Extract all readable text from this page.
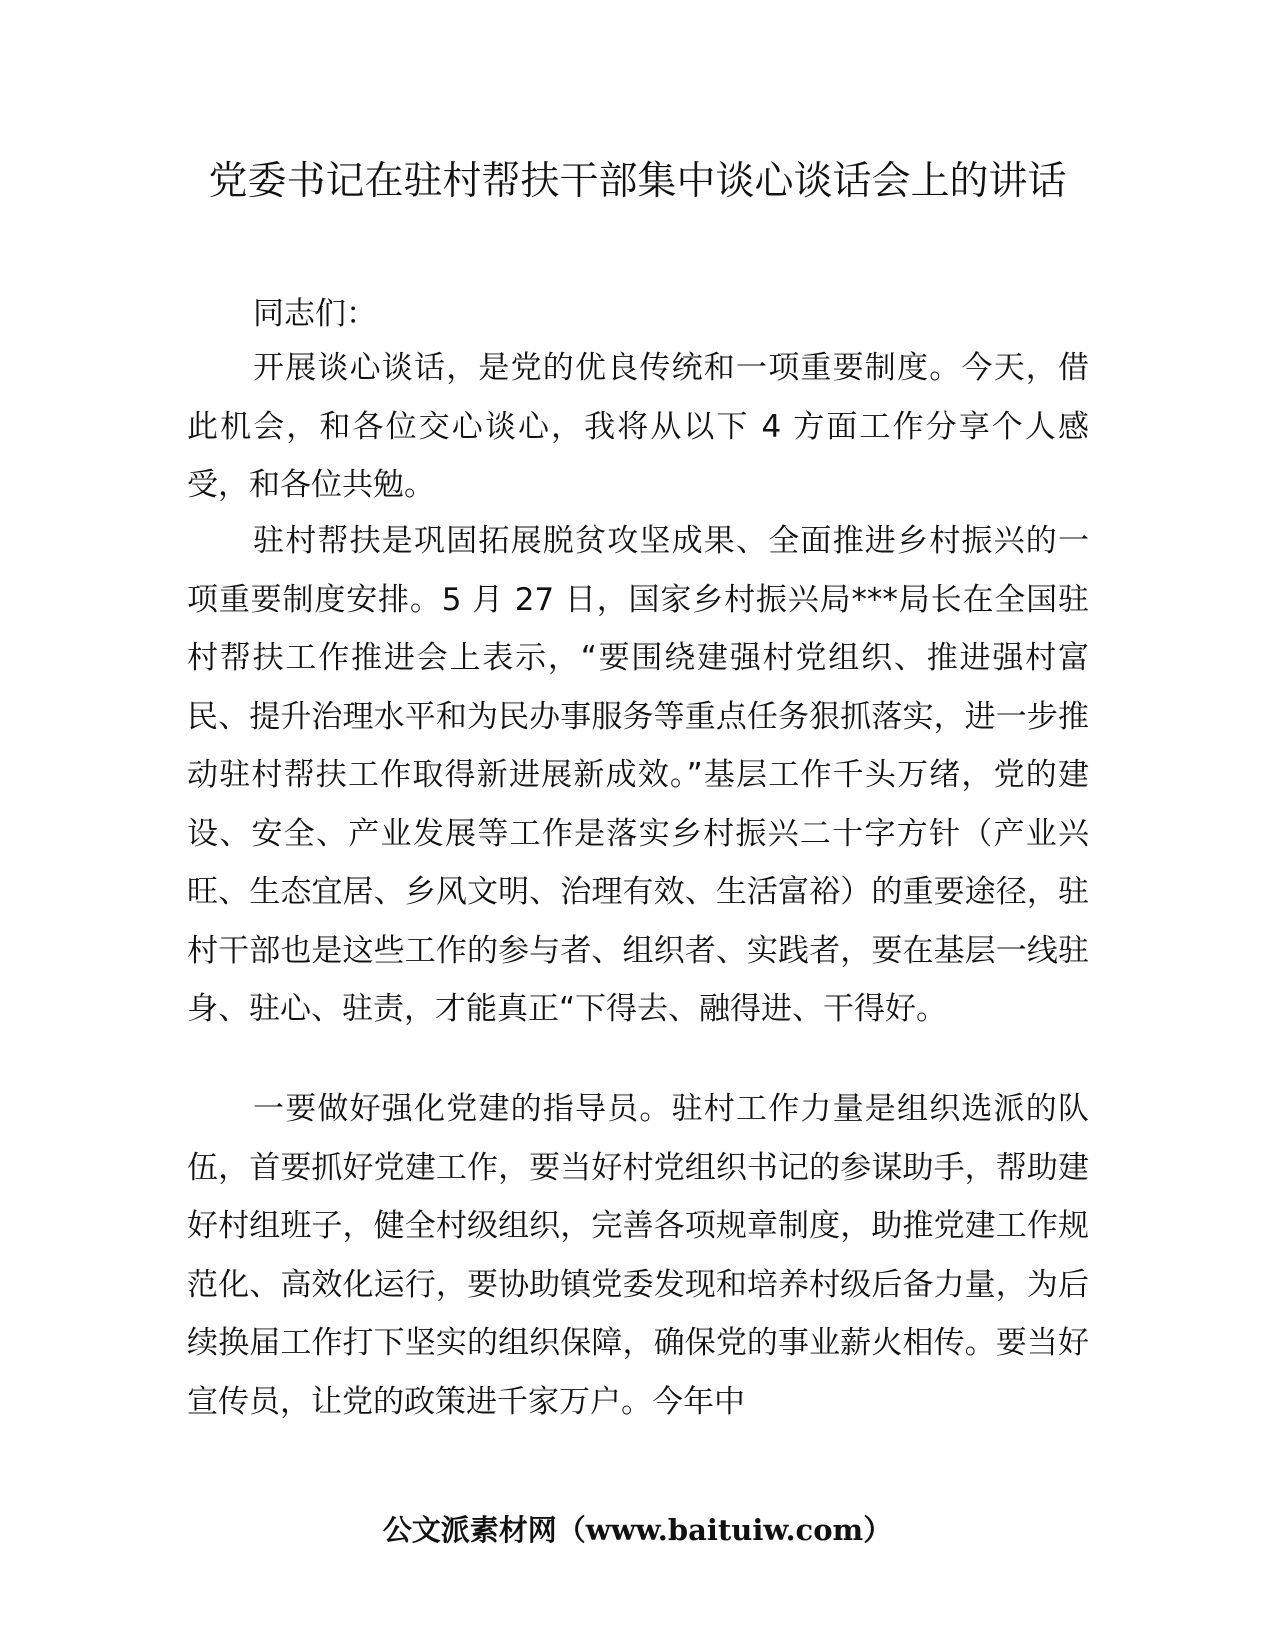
党委书记在驻村帮扶干部集中谈心谈话会上的讲话

同志们：

开展谈心谈话，是党的优良传统和一项重要制度。今天，借此机会，和各位交心谈心，我将从以下 4 方面工作分享个人感受，和各位共勉。

驻村帮扶是巩固拓展脱贫攻坚成果、全面推进乡村振兴的一项重要制度安排。5 月 27 日，国家乡村振兴局***局长在全国驻村帮扶工作推进会上表示，“要围绕建强村党组织、推进强村富民、提升治理水平和为民办事服务等重点任务狠抓落实，进一步推动驻村帮扶工作取得新进展新成效。”基层工作千头万绪，党的建设、安全、产业发展等工作是落实乡村振兴二十字方针（产业兴旺、生态宜居、乡风文明、治理有效、生活富裕）的重要途径，驻村干部也是这些工作的参与者、组织者、实践者，要在基层一线驻身、驻心、驻责，才能真正“下得去、融得进、干得好。

一要做好强化党建的指导员。驻村工作力量是组织选派的队伍，首要抓好党建工作，要当好村党组织书记的参谋助手，帮助建好村组班子，健全村级组织，完善各项规章制度，助推党建工作规范化、高效化运行，要协助镇党委发现和培养村级后备力量，为后续换届工作打下坚实的组织保障，确保党的事业薪火相传。要当好宣传员，让党的政策进千家万户。今年中

公文派素材网（www.baituiw.com）
